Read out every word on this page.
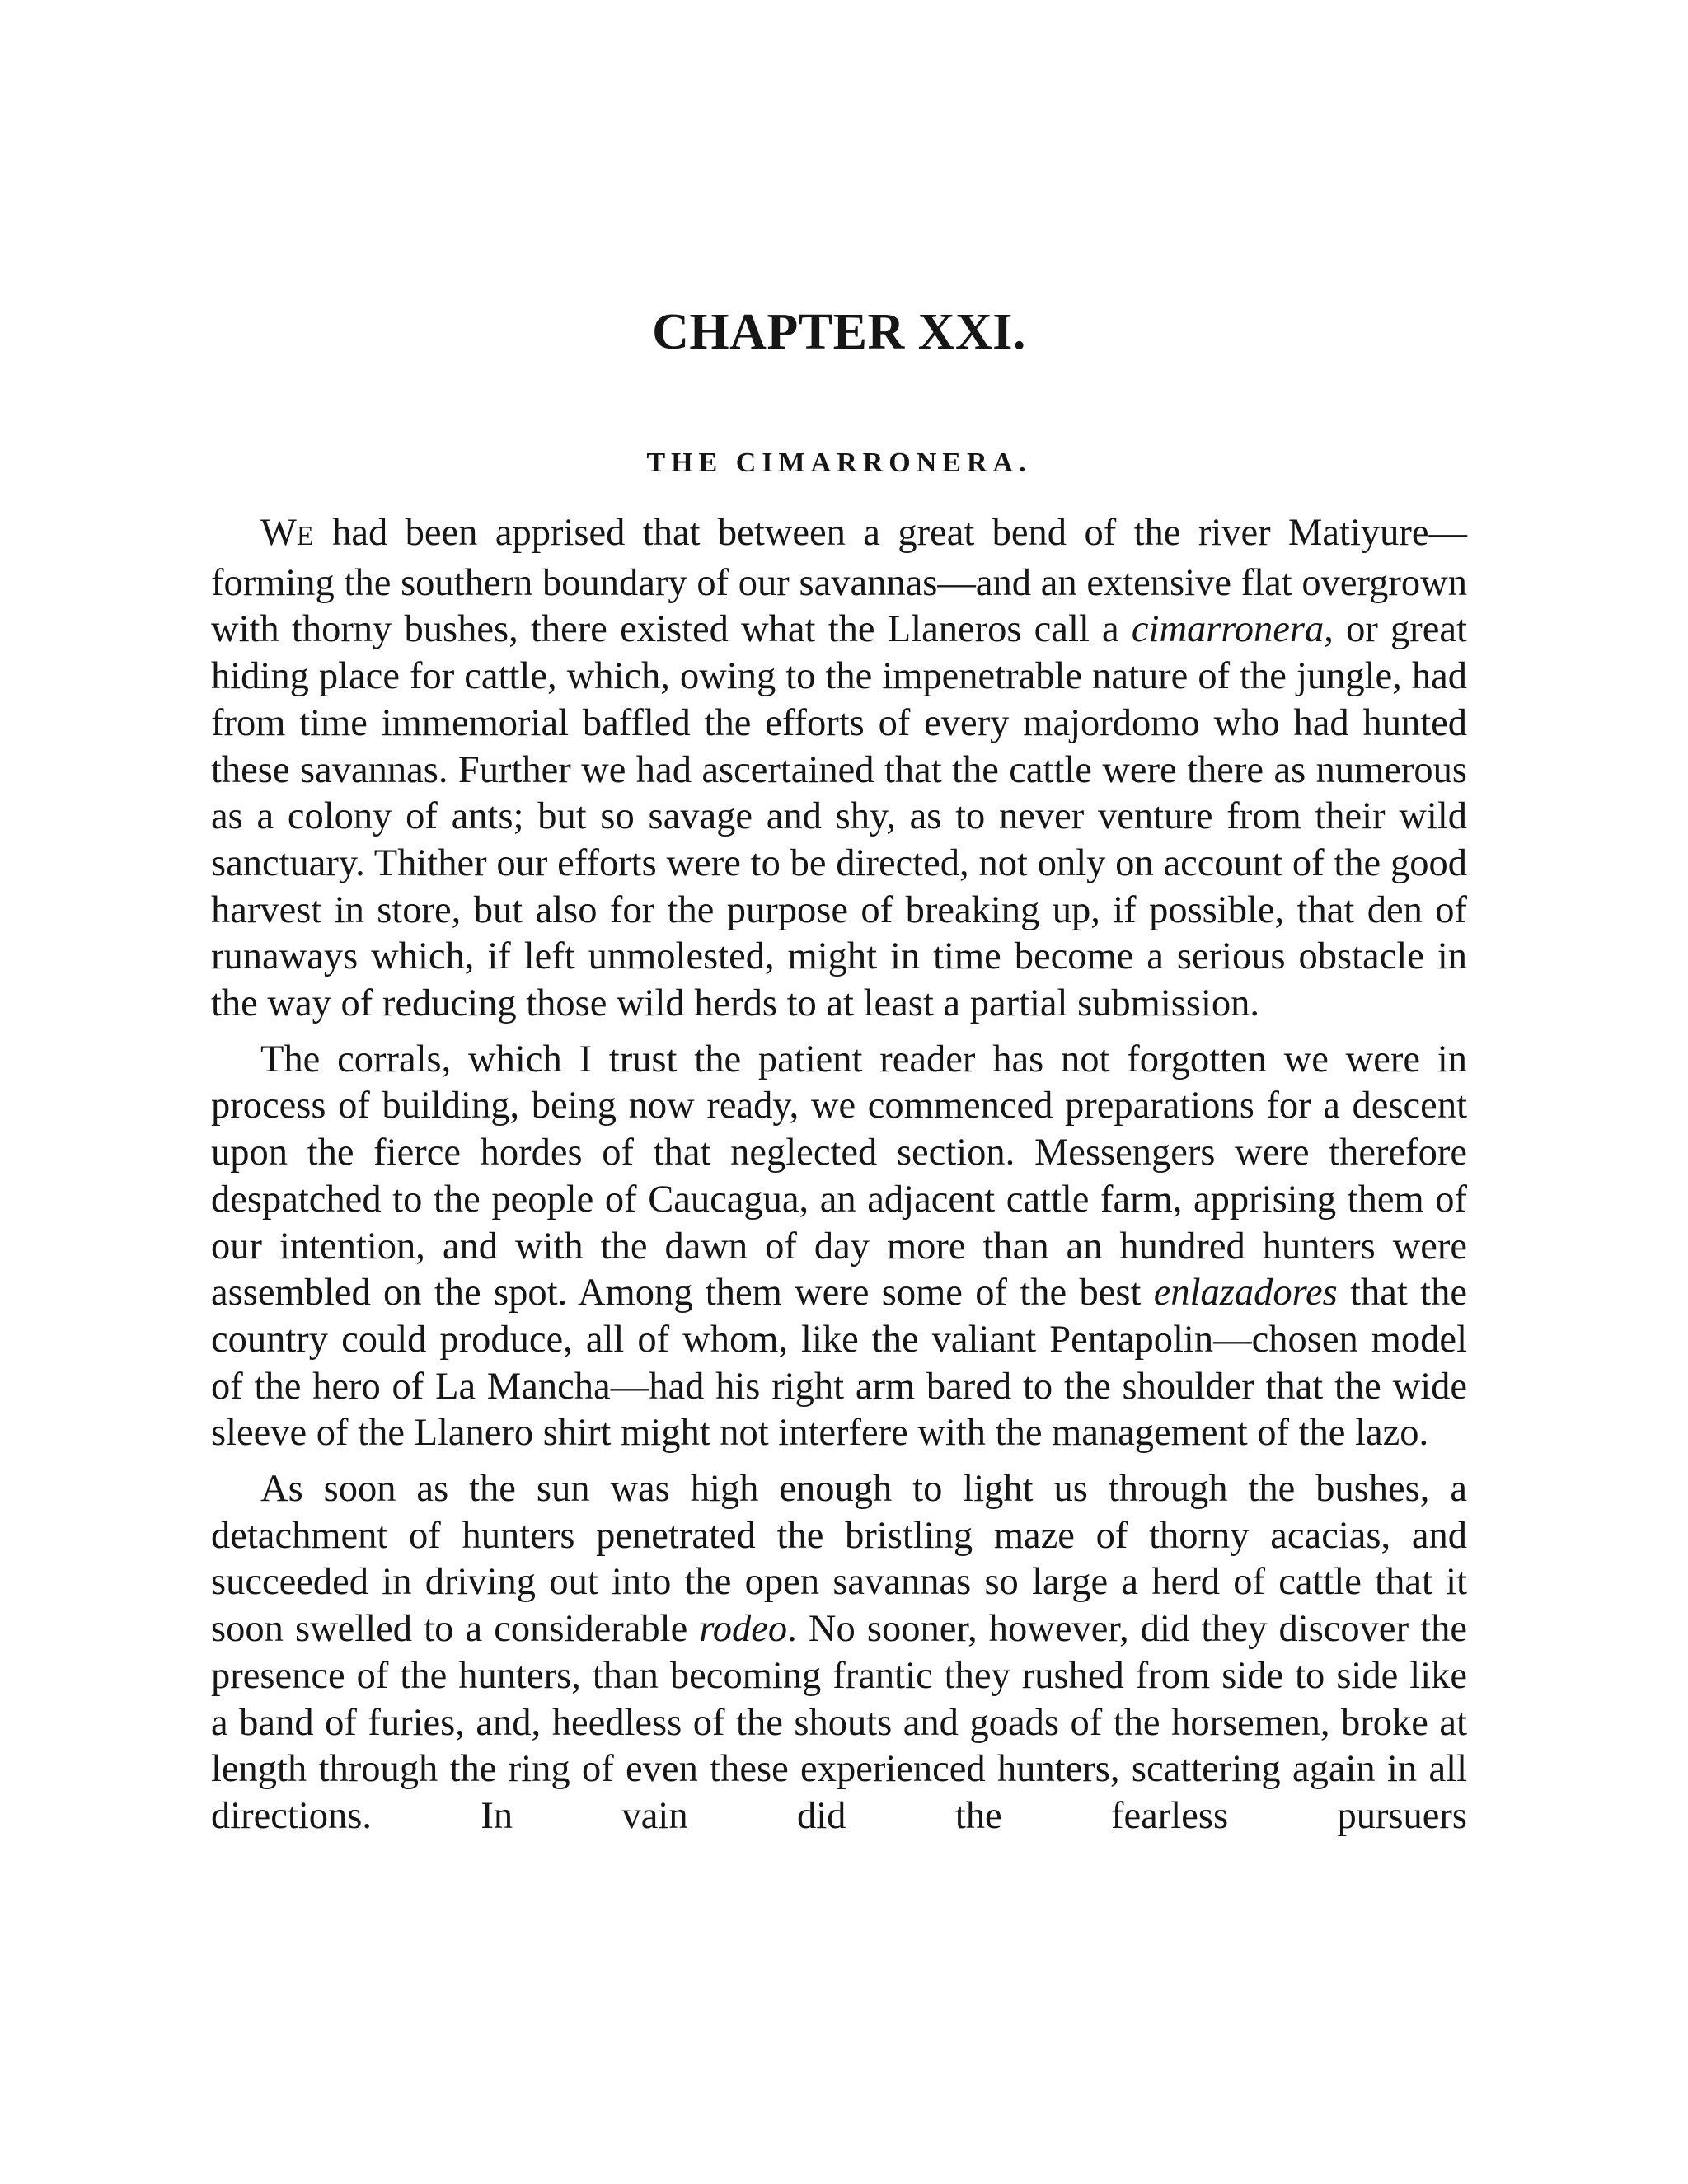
CHAPTER XXI.
THE CIMARRONERA.

WE had been apprised that between a great bend of the river Matiyure—forming the southern boundary of our savannas—and an extensive flat overgrown with thorny bushes, there existed what the Llaneros call a cimarronera, or great hiding place for cattle, which, owing to the impenetrable nature of the jungle, had from time immemorial baffled the efforts of every majordomo who had hunted these savannas. Further we had ascertained that the cattle were there as numerous as a colony of ants; but so savage and shy, as to never venture from their wild sanctuary. Thither our efforts were to be directed, not only on account of the good harvest in store, but also for the purpose of breaking up, if possible, that den of runaways which, if left unmolested, might in time become a serious obstacle in the way of reducing those wild herds to at least a partial submission.

The corrals, which I trust the patient reader has not forgotten we were in process of building, being now ready, we commenced preparations for a descent upon the fierce hordes of that neglected section. Messengers were therefore despatched to the people of Caucagua, an adjacent cattle farm, apprising them of our intention, and with the dawn of day more than an hundred hunters were assembled on the spot. Among them were some of the best enlazadores that the country could produce, all of whom, like the valiant Pentapolin—chosen model of the hero of La Mancha—had his right arm bared to the shoulder that the wide sleeve of the Llanero shirt might not interfere with the management of the lazo.

As soon as the sun was high enough to light us through the bushes, a detachment of hunters penetrated the bristling maze of thorny acacias, and succeeded in driving out into the open savannas so large a herd of cattle that it soon swelled to a considerable rodeo. No sooner, however, did they discover the presence of the hunters, than becoming frantic they rushed from side to side like a band of furies, and, heedless of the shouts and goads of the horsemen, broke at length through the ring of even these experienced hunters, scattering again in all directions. In vain did the fearless pursuers
